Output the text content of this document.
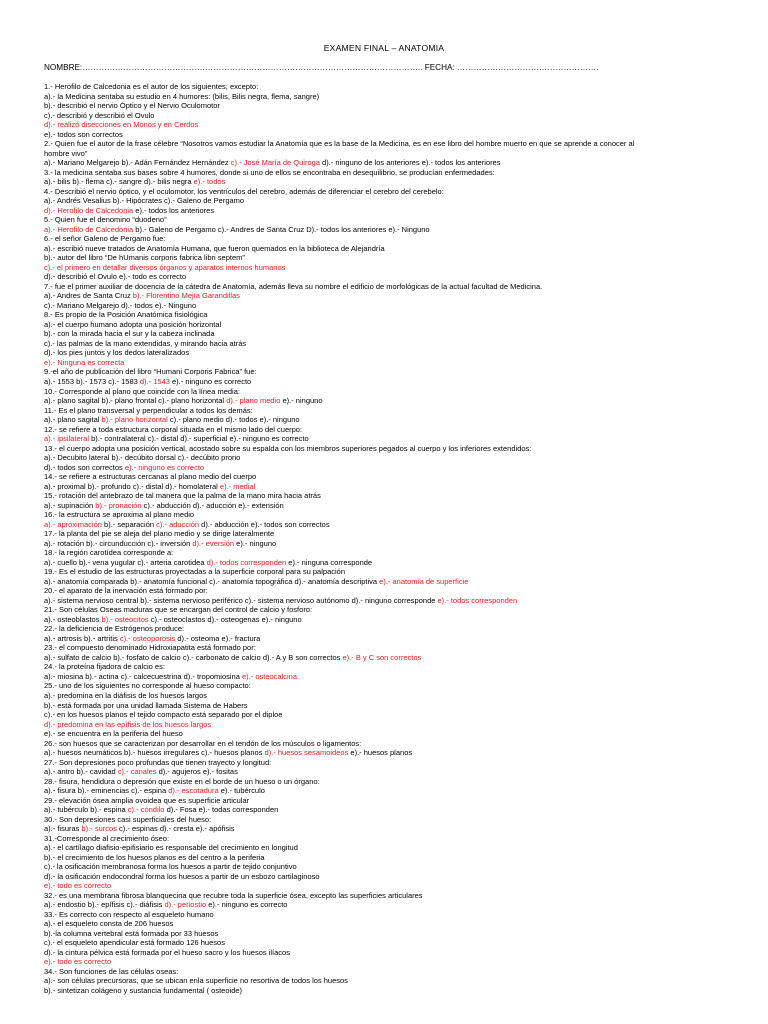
EXAMEN FINAL – ANATOMIA
NOMBRE:…………………………………………………………………………………………………………….. FECHA: …………………………………………….
1.- Herofilo de Calcedonia es el autor de los siguientes; excepto:
a).- la Medicina sentaba su estudio en 4 humores: (bilis, Bilis negra, flema, sangre)
b).- describió el nervio Óptico y el Nervio Oculomotor
c).- describió y describió el Ovulo
d).- realizó disecciones en Monos y en Cerdos
e).- todos son correctos
2.- Quien fue el autor de la frase célebre “Nosotros vamos estudiar la Anatomía que es la base de la Medicina, es en ese libro del hombre muerto en que se aprende a conocer al
hombre vivo”
a).- Mariano Melgarejo b).- Adán Fernández Hernández c).- José María de Quiroga d).- ninguno de los anteriores e).- todos los anteriores
3.- la medicina sentaba sus bases sobre 4 humores, donde si uno de ellos se encontraba en desequilibrio, se producían enfermedades:
a).- bilis b).- flema c).- sangre d).- bilis negra e).- todos
4.- Describió el nervio óptico, y el oculomotor, los ventrículos del cerebro, además de diferenciar el cerebro del cerebelo:
a).- Andrés Vesalius b).- Hipócrates c).- Galeno de Pergamo
d).- Herofilo de Calcedonia e).- todos los anteriores
5.- Quien fue el denomino “duodeno”
a).- Herofilo de Calcedonia b).- Galeno de Pergamo c).- Andres de Santa Cruz D).- todos los anteriores e).- Ninguno
6.- el señor Galeno de Pergamo fue:
a).- escribió nueve tratados de Anatomía Humana, que fueron quemados en la biblioteca de Alejandría
b).- autor del libro “De hUmanis corporis fabrica libri septem”
c).- el primero en detallar diversos órganos y aparatos internos humanos
d).- describió el Ovulo e).- todo es correcto
7.- fue el primer auxiliar de docencia de la cátedra de Anatomía, además lleva su nombre el edificio de morfológicas de la actual facultad de Medicina.
a).- Andres de Santa Cruz b).- Florentino Mejía Garandillas
c).- Mariano Melgarejo d).- todos e).- Ninguno
8.- Es propio de la Posición Anatómica fisiológica
a).- el cuerpo humano adopta una posición horizontal
b).- con la mirada hacia el sur y la cabeza inclinada
c).- las palmas de la mano extendidas, y mirando hacia atrás
d).- los pies juntos y los dedos lateralizados
e).- Ninguna es correcta
9.-el año de publicación del libro “Humani Corporis Fabrica” fue:
a).- 1553 b).- 1573 c).- 1583 d).- 1543 e).- ninguno es correcto
10.- Corresponde al plano que coincide con la línea media:
a).- plano sagital b).- plano frontal c).- plano horizontal d).- plano medio e).- ninguno
11.- Es el plano transversal y perpendicular a todos los demás:
a).- plano sagital b).- plano horizontal c).- plano medio d).- todos e).- ninguno
12.- se refiere a toda estructura corporal situada en el mismo lado del cuerpo:
a).- ipsilateral b).- contralateral c).- distal d).- superficial e).- ninguno es correcto
13.- el cuerpo adopta una posición vertical, acostado sobre su espalda con los miembros superiores pegados al cuerpo y los inferiores extendidos:
a).- Decubito lateral b).- decúbito dorsal c).- decúbito prono
d).- todos son correctos e).- ninguno es correcto
14.- se refiere a estructuras cercanas al plano medio del cuerpo
a).- proximal b).- profundo c).- distal d).- homolateral e).- medial
15.- rotación del antebrazo de tal manera que la palma de la mano mira hacia atrás
a).- supinación b).- pronación c).- abducción d).- aducción e).- extensión
16.- la estructura se aproxima al plano medio
a).- aproximación b).- separación c).- aducción d).- abducción e).- todos son correctos
17.- la planta del pie se aleja del plano medio y se dirige lateralmente
a).- rotación b).- circunducción c).- inversión d).- eversión e).- ninguno
18.- la región carotídea corresponde a:
a).- cuello b).- vena yugular c).- arteria carotidea d).- todos corresponden e).- ninguna corresponde
19.- Es el estudio de las estructuras proyectadas a la superficie corporal para su palpación
a).- anatomía comparada b).- anatomía funcional c).- anatomía topográfica d).- anatomía descriptiva e).- anatomía de superficie
20.- el aparato de la inervación está formado por:
a).- sistema nervioso central b).- sistema nervioso periférico c).- sistema nervioso autónomo d).- ninguno corresponde e).- todos corresponden
21.- Son células Oseas maduras que se encargan del control de calcio y fosforo:
a).- osteoblastos b).- osteocitos c).- osteoclastos d).- osteogenas e).- ninguno
22.- la deficiencia de Estrógenos produce:
a).- artrosis b).- artritis c).- osteoporosis d).- osteoma e).- fractura
23.- el compuesto denominado Hidroxiapatita está formado por:
a).- sulfato de calcio b).- fosfato de calcio c).- carbonato de calcio d).- A y B son correctos e).- B y C son correctos
24.- la proteína fijadora de calcio es:
a).- miosina b).- actina c).- calcecuestrina d).- tropomiosina e).- osteocalcina
25.- uno de los siguientes no corresponde al hueso compacto:
a).- predomina en la diáfisis de los huesos largos
b).- está formada por una unidad llamada Sistema de Habers
c).- en los huesos planos el tejido compacto está separado por el diploe
d).- predomina en las epífisis de los huesos largos
e).- se encuentra en la periferia del hueso
26.- son huesos que se caracterizan por desarrollar en el tendón de los músculos o ligamentos:
a).- huesos neumáticos b).- huesos irregulares c).- huesos planos d).- huesos sesamoideos e).- huesos planos
27.- Son depresiones poco profundas que tienen trayecto y longitud:
a).- antro b).- cavidad c).- canales d).- agujeros e).- fositas
28.- fisura, hendidura o depresión que existe en el borde de un hueso o un órgano:
a).- fisura b).- eminencias c).- espina d).- escotadura e).- tubérculo
29.- elevación ósea amplia ovoidea que es superficie articular
a).- tubérculo b).- espina c).- cóndilo d).- Fosa e).- todas corresponden
30.- Son depresiones casi superficiales del hueso:
a).- fisuras b).- surcos c).- espinas d).- cresta e).- apófisis
31.-Corresponde al crecimiento óseo:
a).- el cartílago diafisio-epifisiario es responsable del crecimiento en longitud
b).- el crecimiento de los huesos planos es del centro a la periferia
c).- la osificación membranosa forma los huesos a partir de tejido conjuntivo
d).- la osificación endocondral forma los huesos a partir de un esbozo cartilaginoso
e).- todo es correcto
32.- es una membrana fibrosa blanquecina que recubre toda la superficie ósea, excepto las superficies articulares
a).- endostio b).- epífisis c).- diáfisis d).- periostio e).- ninguno es correcto
33.- Es correcto con respecto al esqueleto humano
a).- el esqueleto consta de 206 huesos
b).-la columna vertebral está formada por 33 huesos
c).- el esqueleto apendicular está formado 126 huesos
d).- la cintura pélvica está formada por el hueso sacro y los huesos ilíacos
e).- todo es correcto
34.- Son funciones de las células oseas:
a).- son células precursoras, que se ubican enla superficie no resortiva de todos los huesos
b).- sintetizan colágeno y sustancia fundamental ( osteoide)
